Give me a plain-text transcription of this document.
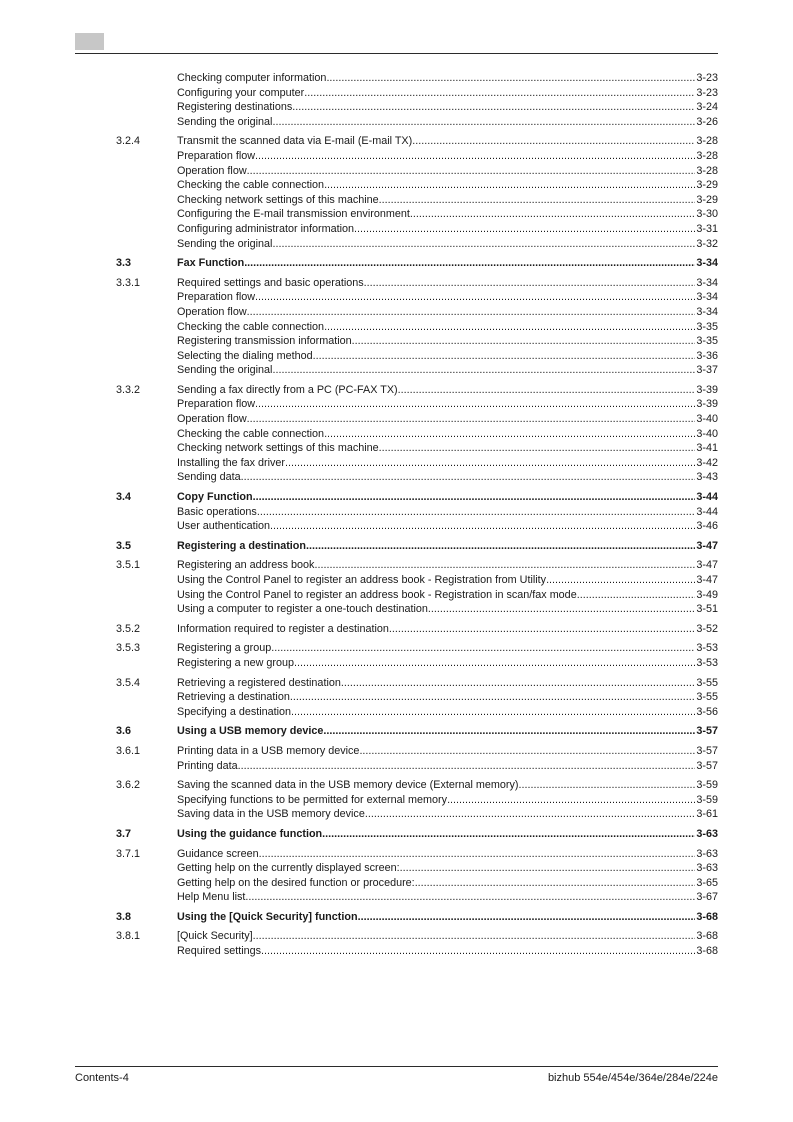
Checking computer information .....	3-23
Configuring your computer .....	3-23
Registering destinations .....	3-24
Sending the original .....	3-26
3.2.4	Transmit the scanned data via E-mail (E-mail TX) .....	3-28
Preparation flow .....	3-28
Operation flow .....	3-28
Checking the cable connection .....	3-29
Checking network settings of this machine .....	3-29
Configuring the E-mail transmission environment .....	3-30
Configuring administrator information .....	3-31
Sending the original .....	3-32
3.3	Fax Function .....	3-34
3.3.1	Required settings and basic operations .....	3-34
Preparation flow .....	3-34
Operation flow .....	3-34
Checking the cable connection .....	3-35
Registering transmission information .....	3-35
Selecting the dialing method .....	3-36
Sending the original .....	3-37
3.3.2	Sending a fax directly from a PC (PC-FAX TX) .....	3-39
Preparation flow .....	3-39
Operation flow .....	3-40
Checking the cable connection .....	3-40
Checking network settings of this machine .....	3-41
Installing the fax driver .....	3-42
Sending data .....	3-43
3.4	Copy Function .....	3-44
Basic operations .....	3-44
User authentication .....	3-46
3.5	Registering a destination .....	3-47
3.5.1	Registering an address book .....	3-47
Using the Control Panel to register an address book - Registration from Utility .....	3-47
Using the Control Panel to register an address book - Registration in scan/fax mode .....	3-49
Using a computer to register a one-touch destination .....	3-51
3.5.2	Information required to register a destination .....	3-52
3.5.3	Registering a group .....	3-53
Registering a new group .....	3-53
3.5.4	Retrieving a registered destination .....	3-55
Retrieving a destination .....	3-55
Specifying a destination .....	3-56
3.6	Using a USB memory device .....	3-57
3.6.1	Printing data in a USB memory device .....	3-57
Printing data .....	3-57
3.6.2	Saving the scanned data in the USB memory device (External memory) .....	3-59
Specifying functions to be permitted for external memory .....	3-59
Saving data in the USB memory device .....	3-61
3.7	Using the guidance function .....	3-63
3.7.1	Guidance screen .....	3-63
Getting help on the currently displayed screen: .....	3-63
Getting help on the desired function or procedure: .....	3-65
Help Menu list .....	3-67
3.8	Using the [Quick Security] function .....	3-68
3.8.1	[Quick Security] .....	3-68
Required settings .....	3-68
Contents-4	bizhub 554e/454e/364e/284e/224e
